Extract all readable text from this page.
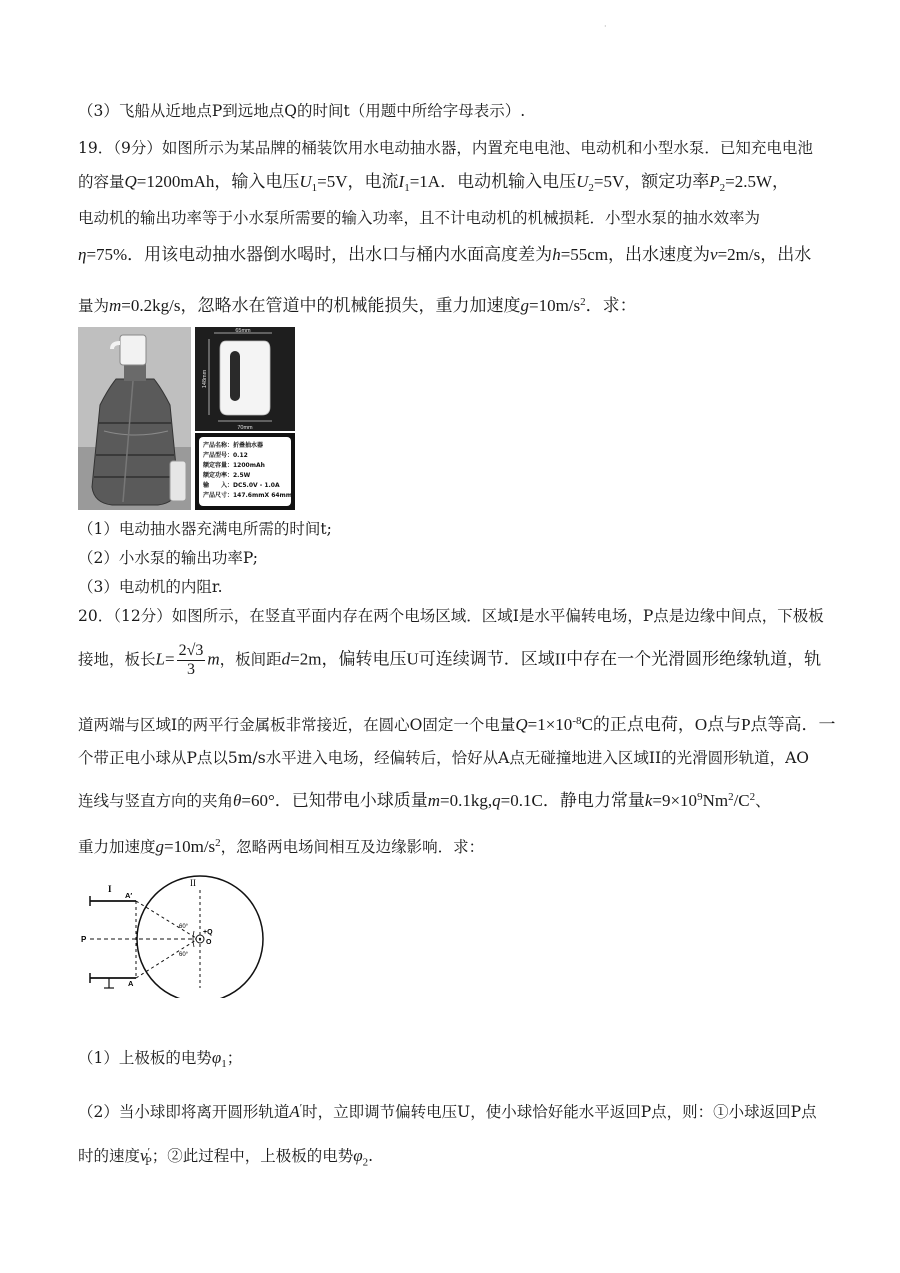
·
（3）飞船从近地点P到远地点Q的时间t（用题中所给字母表示）.
19．（9分）如图所示为某品牌的桶装饮用水电动抽水器，内置充电电池、电动机和小型水泵．已知充电电池
的容量Q=1200mAh，输入电压$U_1=5V$，电流$I_1=1A$．电动机输入电压$U_2=5V$，额定功率$P_2=2.5W$，
电动机的输出功率等于小水泵所需要的输入功率，且不计电动机的机械损耗．小型水泵的抽水效率为
η=75%．用该电动抽水器倒水喝时，出水口与桶内水面高度差为h=55cm，出水速度为v=2m/s，出水
量为m=0.2kg/s，忽略水在管道中的机械能损失，重力加速度$g=10m/s^2$．求：
65mm
148mm
70mm
产品名称：折叠抽水器
产品型号：0.12
额定容量：1200mAh
额定功率：2.5W
输　　入：DC5.0V - 1.0A
产品尺寸：147.6mmX 64mm
（1）电动抽水器充满电所需的时间t;
（2）小水泵的输出功率P;
（3）电动机的内阻r.
20．（12分）如图所示，在竖直平面内存在两个电场区域．区域I是水平偏转电场，P点是边缘中间点，下极板
接地，板长$L= \frac{2√3}{3}$ m，板间距d=2m，偏转电压U可连续调节．区域II中存在一个光滑圆形绝缘轨道，轨
道两端与区域I的两平行金属板非常接近，在圆心O固定一个电量$Q=1\times 10^{-8}C$的正点电荷，O点与P点等高．一
个带正电小球从P点以5m/s水平进入电场，经偏转后，恰好从A点无碰撞地进入区域II的光滑圆形轨道，AO
连线与竖直方向的夹角θ=60°．已知带电小球质量m=0.1kg,q=0.1C．静电力常量$k=9\times 10^9Nm^2/C^2$、
重力加速度$g=10m/s^2$，忽略两电场间相互及边缘影响．求：
I
II
P
A′
A
60°
60°
+Q
O
（1）上极板的电势$\varphi_1$；
（2）当小球即将离开圆形轨道A′时，立即调节偏转电压U，使小球恰好能水平返回P点，则：①小球返回P点
时的速度$v'_P$；②此过程中，上极板的电势$\varphi_2$.
